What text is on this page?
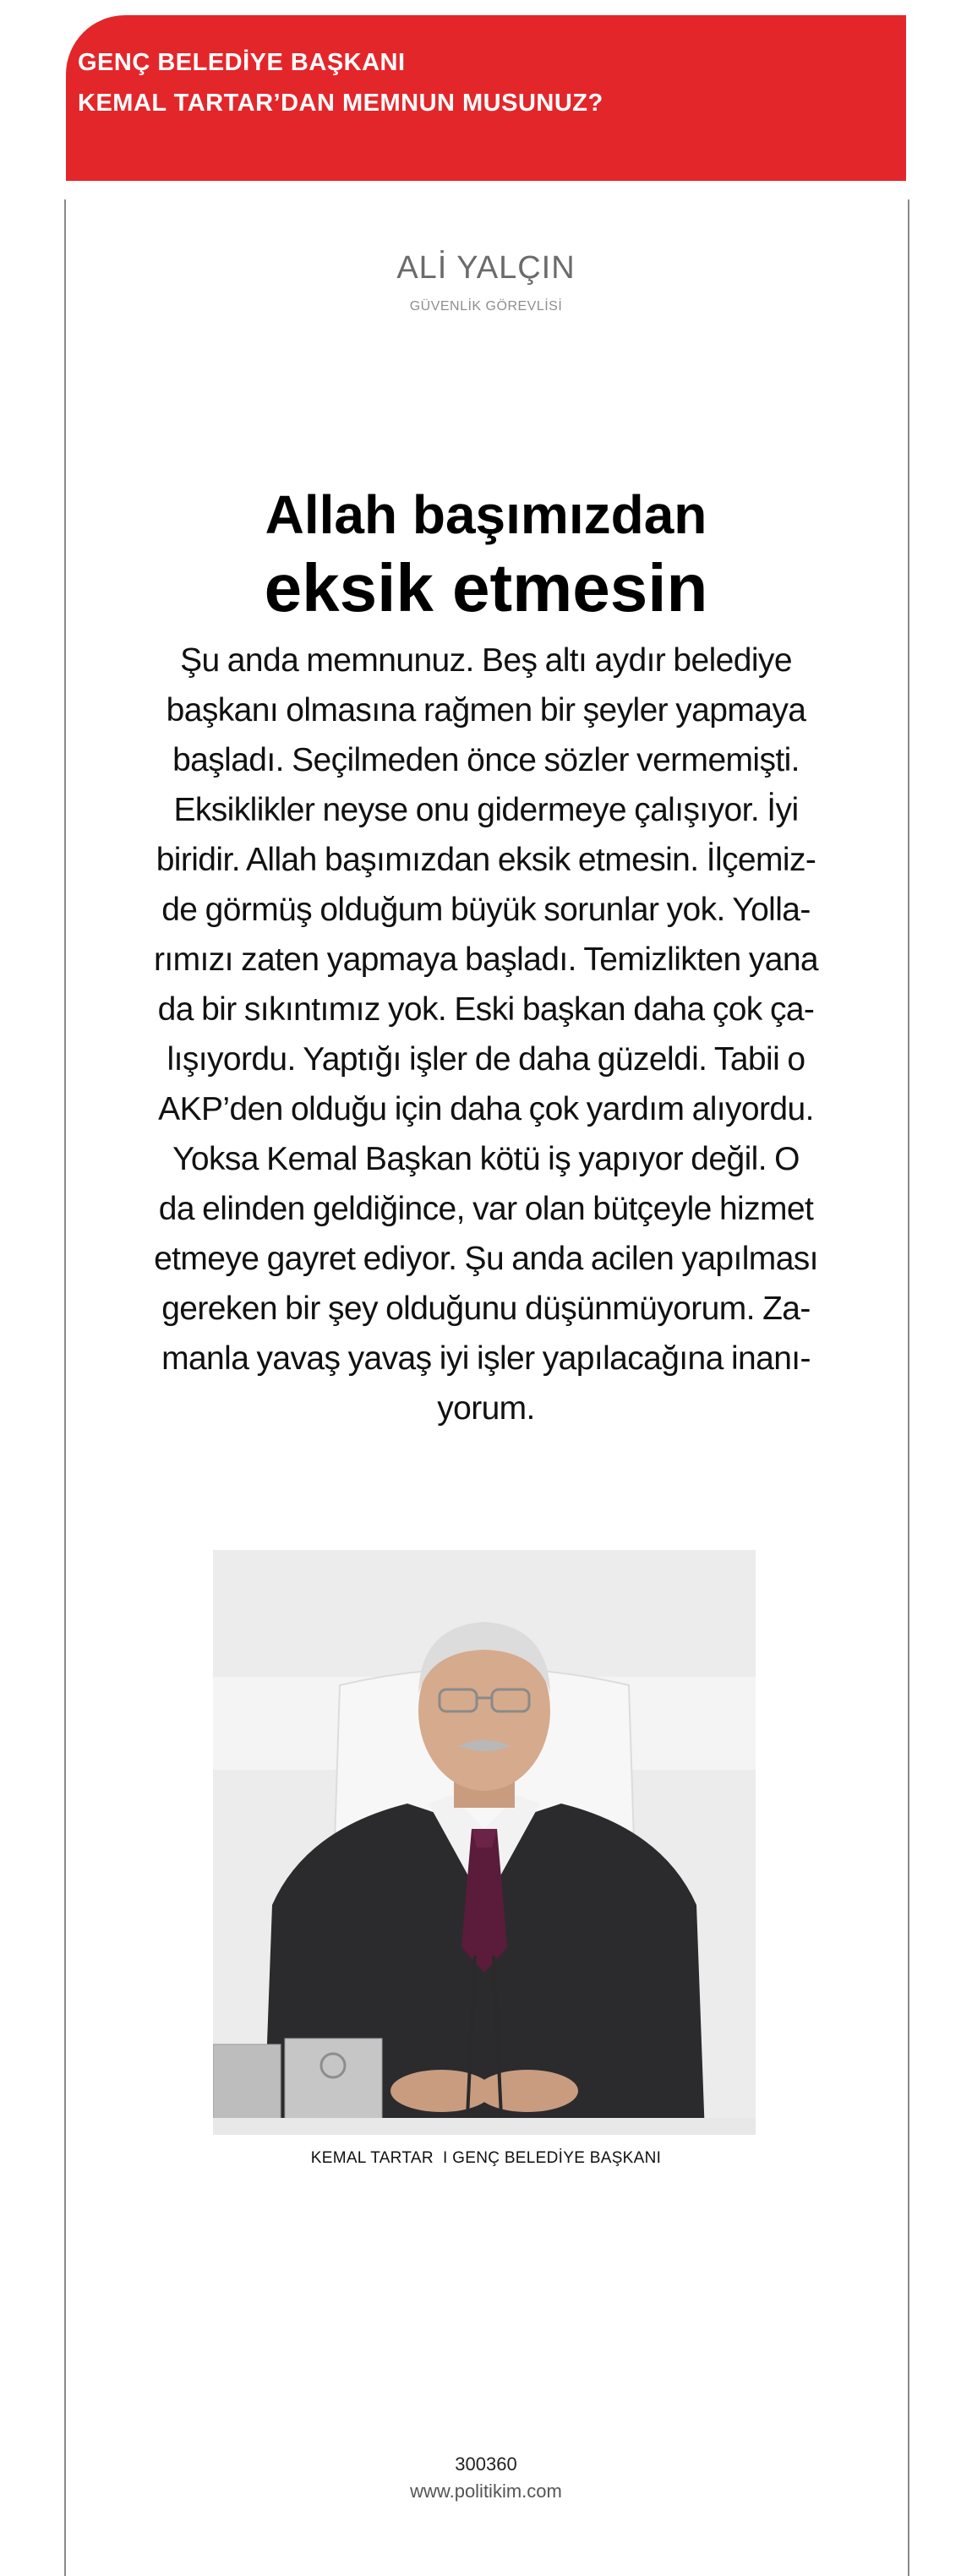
GENÇ BELEDİYE BAŞKANI
KEMAL TARTAR’DAN MEMNUN MUSUNUZ?
ALİ YALÇIN
GÜVENLİK GÖREVLİSİ
Allah başımızdan
eksik etmesin
Şu anda memnunuz. Beş altı aydır belediye
başkanı olmasına rağmen bir şeyler yapmaya
başladı. Seçilmeden önce sözler vermemişti.
Eksiklikler neyse onu gidermeye çalışıyor. İyi
biridir. Allah başımızdan eksik etmesin. İlçemiz-
de görmüş olduğum büyük sorunlar yok. Yolla-
rımızı zaten yapmaya başladı. Temizlikten yana
da bir sıkıntımız yok. Eski başkan daha çok ça-
lışıyordu. Yaptığı işler de daha güzeldi. Tabii o
AKP’den olduğu için daha çok yardım alıyordu.
Yoksa Kemal Başkan kötü iş yapıyor değil. O
da elinden geldiğince, var olan bütçeyle hizmet
etmeye gayret ediyor. Şu anda acilen yapılması
gereken bir şey olduğunu düşünmüyorum. Za-
manla yavaş yavaş iyi işler yapılacağına inanı-
yorum.
KEMAL TARTAR  I GENÇ BELEDİYE BAŞKANI
300360
www.politikim.com
